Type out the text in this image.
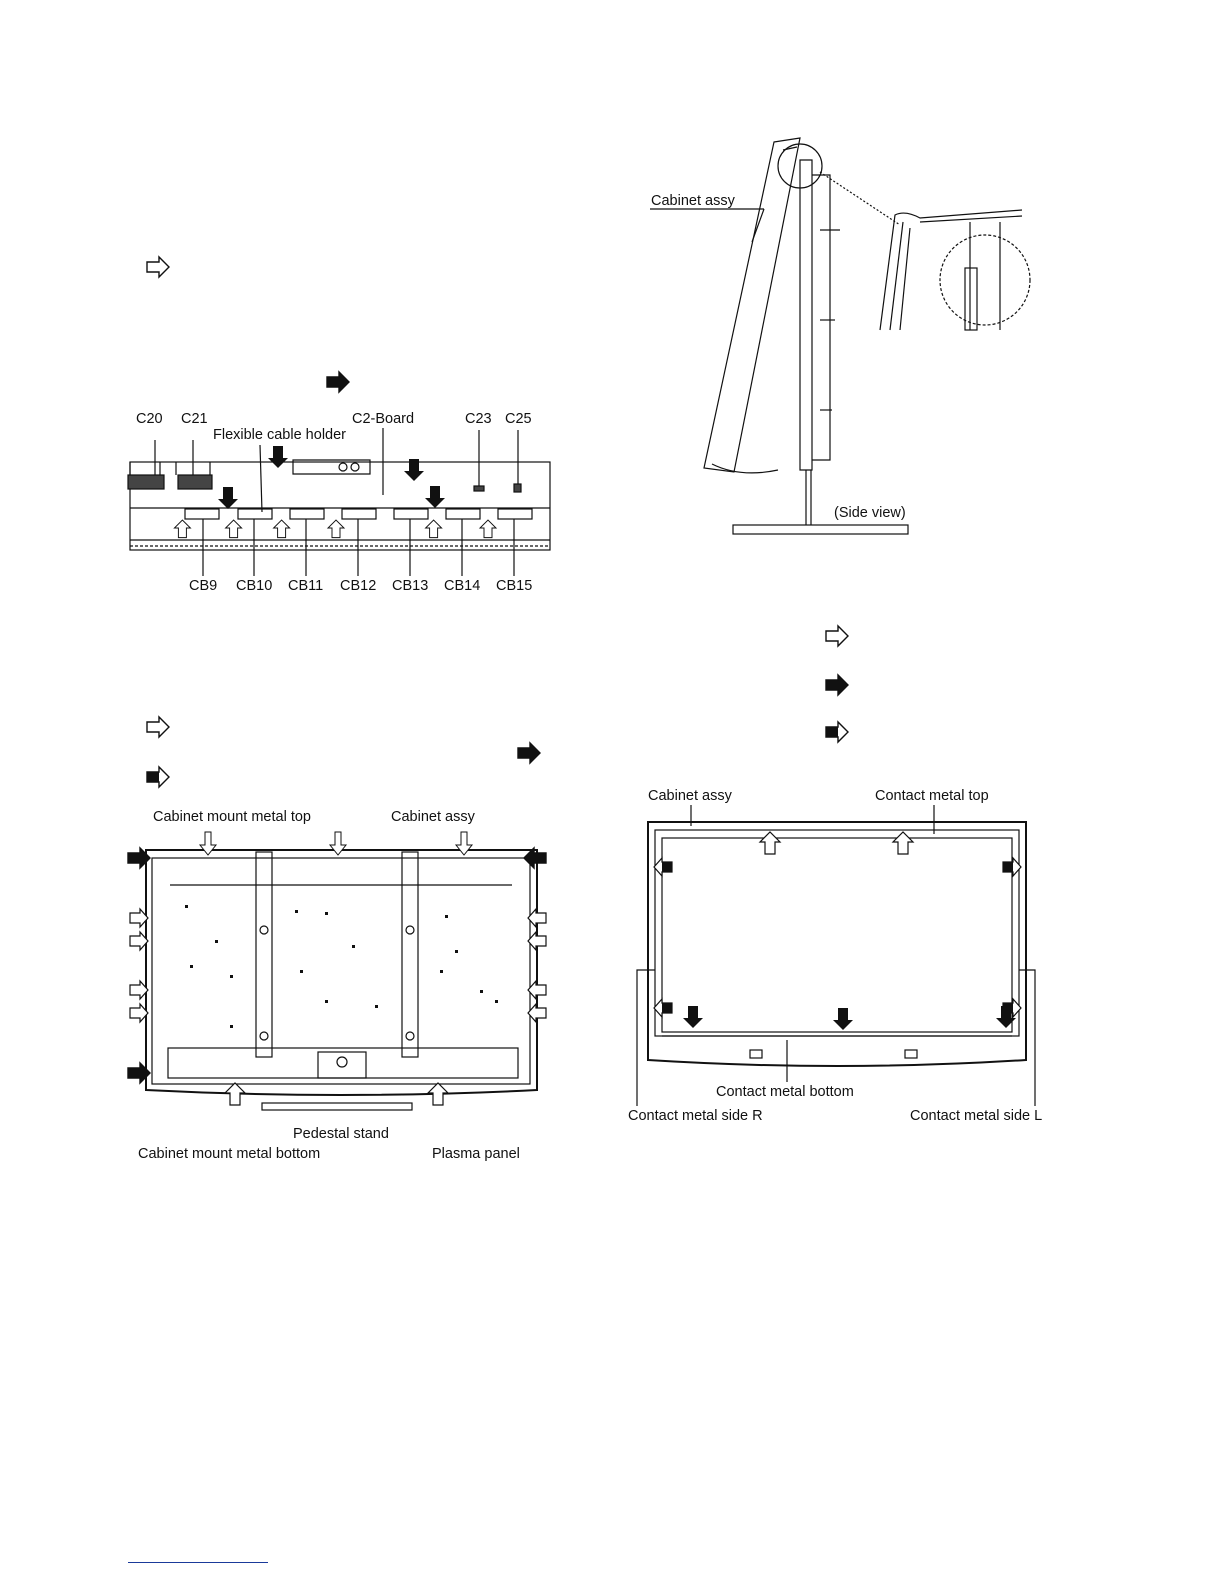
C20 C21
Flexible cable holder
C2-Board	C23 C25
CB9 CB10 CB11 CB12 CB13 CB14 CB15
Cabinet assy
(Side view)
Cabinet mount metal top	Cabinet assy
Pedestal stand
Cabinet mount metal bottom	Plasma panel
Cabinet assy	Contact metal top
Contact metal bottom
Contact metal side R	Contact metal side L
